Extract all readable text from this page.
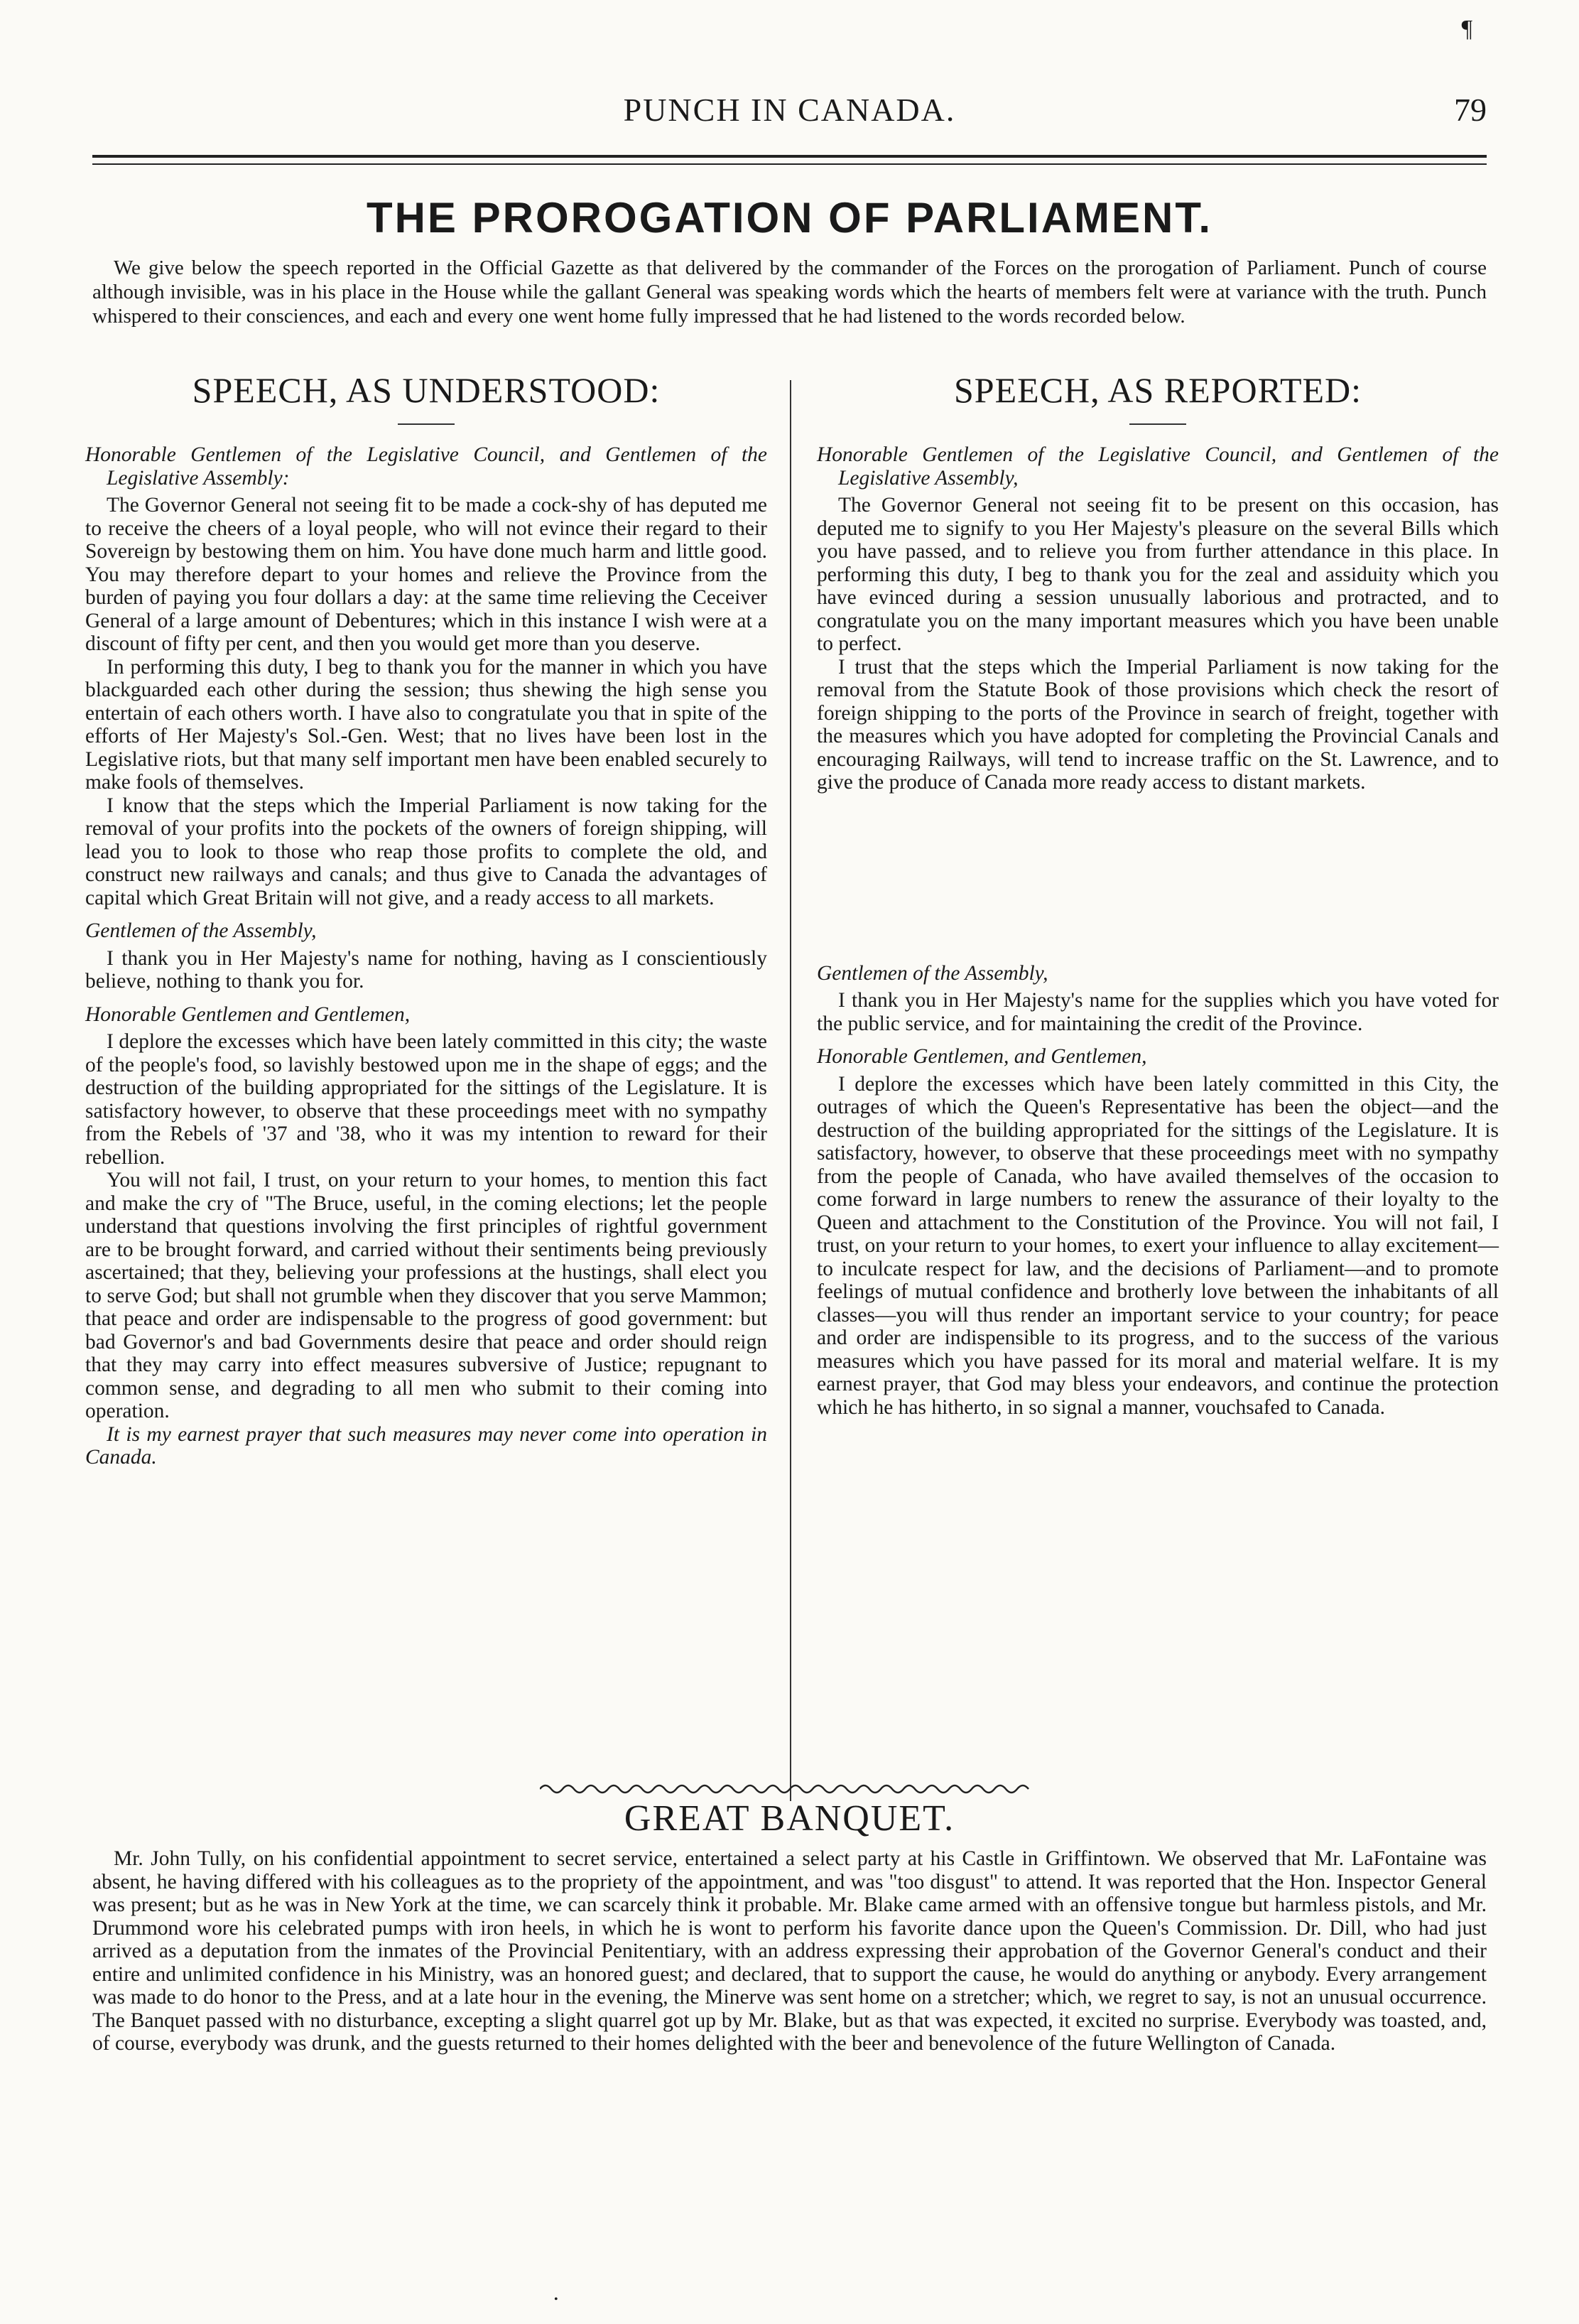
¶
PUNCH IN CANADA.	79
THE PROROGATION OF PARLIAMENT.

We give below the speech reported in the Official Gazette as that delivered by the commander of the Forces on the prorogation of Parliament. Punch of course although invisible, was in his place in the House while the gallant General was speaking words which the hearts of members felt were at variance with the truth. Punch whispered to their consciences, and each and every one went home fully impressed that he had listened to the words recorded below.

SPEECH, AS UNDERSTOOD:

Honorable Gentlemen of the Legislative Council, and Gentlemen of the Legislative Assembly:

The Governor General not seeing fit to be made a cock-shy of has deputed me to receive the cheers of a loyal people, who will not evince their regard to their Sovereign by bestowing them on him. You have done much harm and little good. You may therefore depart to your homes and relieve the Province from the burden of paying you four dollars a day: at the same time relieving the Ceceiver General of a large amount of Debentures; which in this instance I wish were at a discount of fifty per cent, and then you would get more than you deserve.

In performing this duty, I beg to thank you for the manner in which you have blackguarded each other during the session; thus shewing the high sense you entertain of each others worth. I have also to congratulate you that in spite of the efforts of Her Majesty's Sol.-Gen. West; that no lives have been lost in the Legislative riots, but that many self important men have been enabled securely to make fools of themselves.

I know that the steps which the Imperial Parliament is now taking for the removal of your profits into the pockets of the owners of foreign shipping, will lead you to look to those who reap those profits to complete the old, and construct new railways and canals; and thus give to Canada the advantages of capital which Great Britain will not give, and a ready access to all markets.

Gentlemen of the Assembly,

I thank you in Her Majesty's name for nothing, having as I conscientiously believe, nothing to thank you for.

Honorable Gentlemen and Gentlemen,

I deplore the excesses which have been lately committed in this city; the waste of the people's food, so lavishly bestowed upon me in the shape of eggs; and the destruction of the building appropriated for the sittings of the Legislature. It is satisfactory however, to observe that these proceedings meet with no sympathy from the Rebels of '37 and '38, who it was my intention to reward for their rebellion.

You will not fail, I trust, on your return to your homes, to mention this fact and make the cry of "The Bruce, useful, in the coming elections; let the people understand that questions involving the first principles of rightful government are to be brought forward, and carried without their sentiments being previously ascertained; that they, believing your professions at the hustings, shall elect you to serve God; but shall not grumble when they discover that you serve Mammon; that peace and order are indispensable to the progress of good government: but bad Governor's and bad Governments desire that peace and order should reign that they may carry into effect measures subversive of Justice; repugnant to common sense, and degrading to all men who submit to their coming into operation.

It is my earnest prayer that such measures may never come into operation in Canada.

SPEECH, AS REPORTED:

Honorable Gentlemen of the Legislative Council, and Gentlemen of the Legislative Assembly,

The Governor General not seeing fit to be present on this occasion, has deputed me to signify to you Her Majesty's pleasure on the several Bills which you have passed, and to relieve you from further attendance in this place. In performing this duty, I beg to thank you for the zeal and assiduity which you have evinced during a session unusually laborious and protracted, and to congratulate you on the many important measures which you have been unable to perfect.

I trust that the steps which the Imperial Parliament is now taking for the removal from the Statute Book of those provisions which check the resort of foreign shipping to the ports of the Province in search of freight, together with the measures which you have adopted for completing the Provincial Canals and encouraging Railways, will tend to increase traffic on the St. Lawrence, and to give the produce of Canada more ready access to distant markets.

Gentlemen of the Assembly,

I thank you in Her Majesty's name for the supplies which you have voted for the public service, and for maintaining the credit of the Province.

Honorable Gentlemen, and Gentlemen,

I deplore the excesses which have been lately committed in this City, the outrages of which the Queen's Representative has been the object—and the destruction of the building appropriated for the sittings of the Legislature. It is satisfactory, however, to observe that these proceedings meet with no sympathy from the people of Canada, who have availed themselves of the occasion to come forward in large numbers to renew the assurance of their loyalty to the Queen and attachment to the Constitution of the Province. You will not fail, I trust, on your return to your homes, to exert your influence to allay excitement—to inculcate respect for law, and the decisions of Parliament—and to promote feelings of mutual confidence and brotherly love between the inhabitants of all classes—you will thus render an important service to your country; for peace and order are indispensible to its progress, and to the success of the various measures which you have passed for its moral and material welfare. It is my earnest prayer, that God may bless your endeavors, and continue the protection which he has hitherto, in so signal a manner, vouchsafed to Canada.

GREAT BANQUET.

Mr. John Tully, on his confidential appointment to secret service, entertained a select party at his Castle in Griffintown. We observed that Mr. LaFontaine was absent, he having differed with his colleagues as to the propriety of the appointment, and was "too disgust" to attend. It was reported that the Hon. Inspector General was present; but as he was in New York at the time, we can scarcely think it probable. Mr. Blake came armed with an offensive tongue but harmless pistols, and Mr. Drummond wore his celebrated pumps with iron heels, in which he is wont to perform his favorite dance upon the Queen's Commission. Dr. Dill, who had just arrived as a deputation from the inmates of the Provincial Penitentiary, with an address expressing their approbation of the Governor General's conduct and their entire and unlimited confidence in his Ministry, was an honored guest; and declared, that to support the cause, he would do anything or anybody. Every arrangement was made to do honor to the Press, and at a late hour in the evening, the Minerve was sent home on a stretcher; which, we regret to say, is not an unusual occurrence. The Banquet passed with no disturbance, excepting a slight quarrel got up by Mr. Blake, but as that was expected, it excited no surprise. Everybody was toasted, and, of course, everybody was drunk, and the guests returned to their homes delighted with the beer and benevolence of the future Wellington of Canada.

•
